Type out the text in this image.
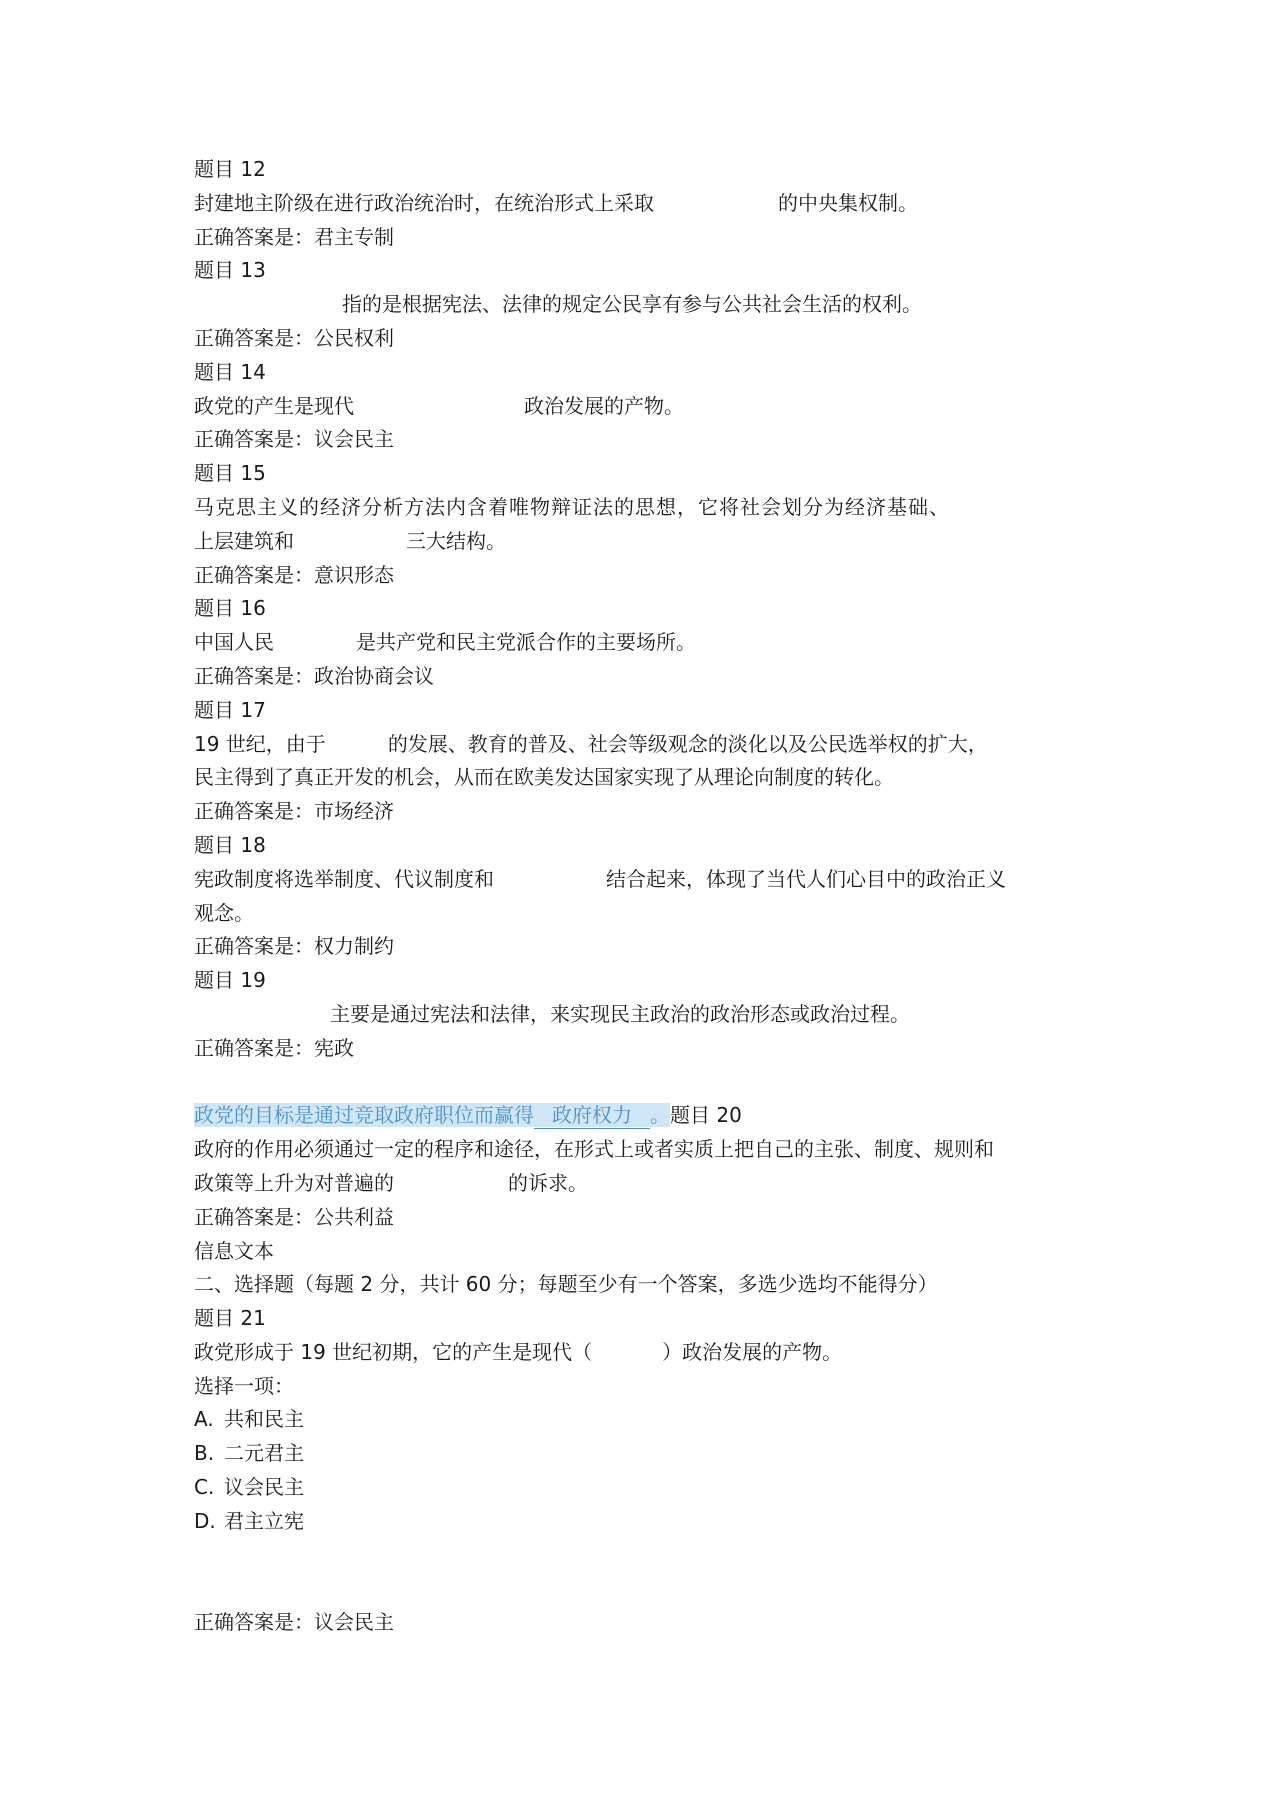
题目 12
封建地主阶级在进行政治统治时，在统治形式上采取	的中央集权制。
正确答案是：君主专制
题目 13
指的是根据宪法、法律的规定公民享有参与公共社会生活的权利。
正确答案是：公民权利
题目 14
政党的产生是现代	政治发展的产物。
正确答案是：议会民主
题目 15
马克思主义的经济分析方法内含着唯物辩证法的思想，它将社会划分为经济基础、
上层建筑和	三大结构。
正确答案是：意识形态
题目 16
中国人民	是共产党和民主党派合作的主要场所。
正确答案是：政治协商会议
题目 17
19 世纪，由于	的发展、教育的普及、社会等级观念的淡化以及公民选举权的扩大，
民主得到了真正开发的机会，从而在欧美发达国家实现了从理论向制度的转化。
正确答案是：市场经济
题目 18
宪政制度将选举制度、代议制度和	结合起来，体现了当代人们心目中的政治正义
观念。
正确答案是：权力制约
题目 19
主要是通过宪法和法律，来实现民主政治的政治形态或政治过程。
正确答案是：宪政
政党的目标是通过竞取政府职位而赢得 政府权力 。题目 20
政府的作用必须通过一定的程序和途径，在形式上或者实质上把自己的主张、制度、规则和
政策等上升为对普遍的	的诉求。
正确答案是：公共利益
信息文本
二、选择题（每题 2 分，共计 60 分；每题至少有一个答案，多选少选均不能得分）
题目 21
政党形成于 19 世纪初期，它的产生是现代（	）政治发展的产物。
选择一项：
A. 共和民主
B. 二元君主
C. 议会民主
D. 君主立宪
正确答案是：议会民主
